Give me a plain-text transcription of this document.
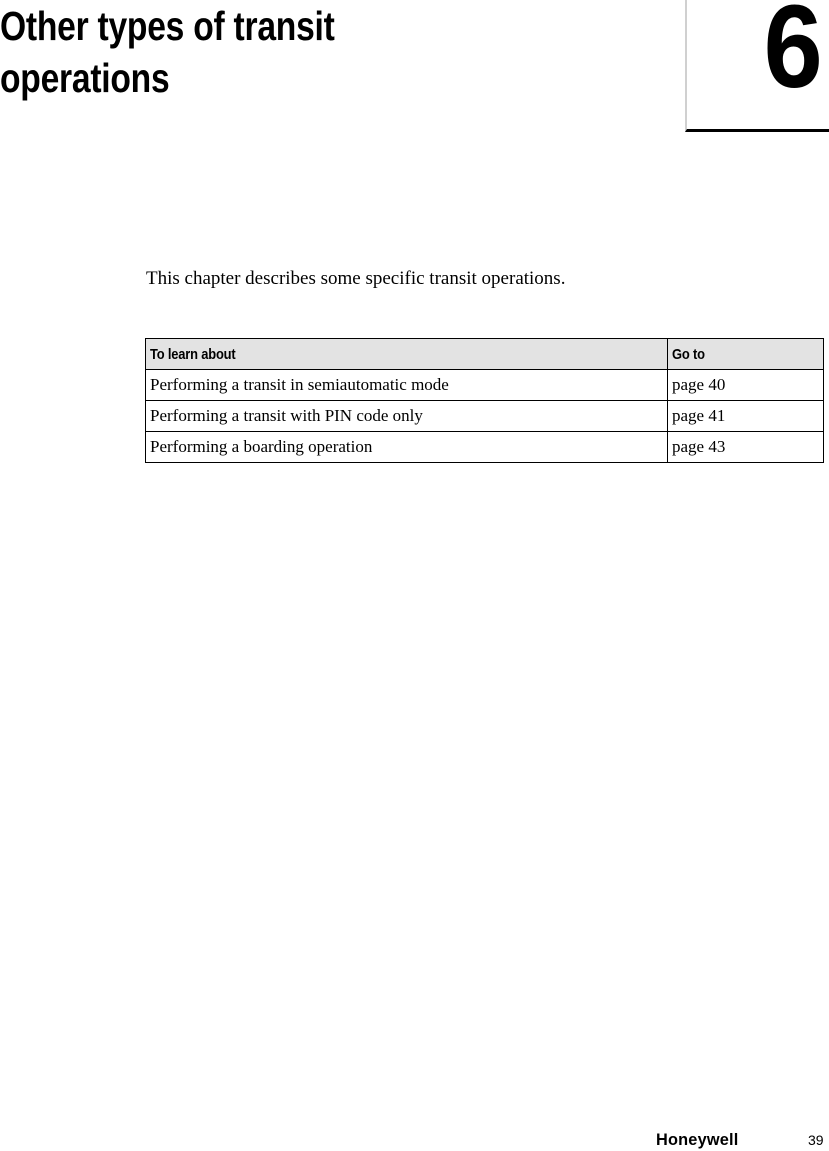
Other types of transit
operations	6

This chapter describes some specific transit operations.

To learn about	Go to
Performing a transit in semiautomatic mode	page 40
Performing a transit with PIN code only	page 41
Performing a boarding operation	page 43
Honeywell	39
